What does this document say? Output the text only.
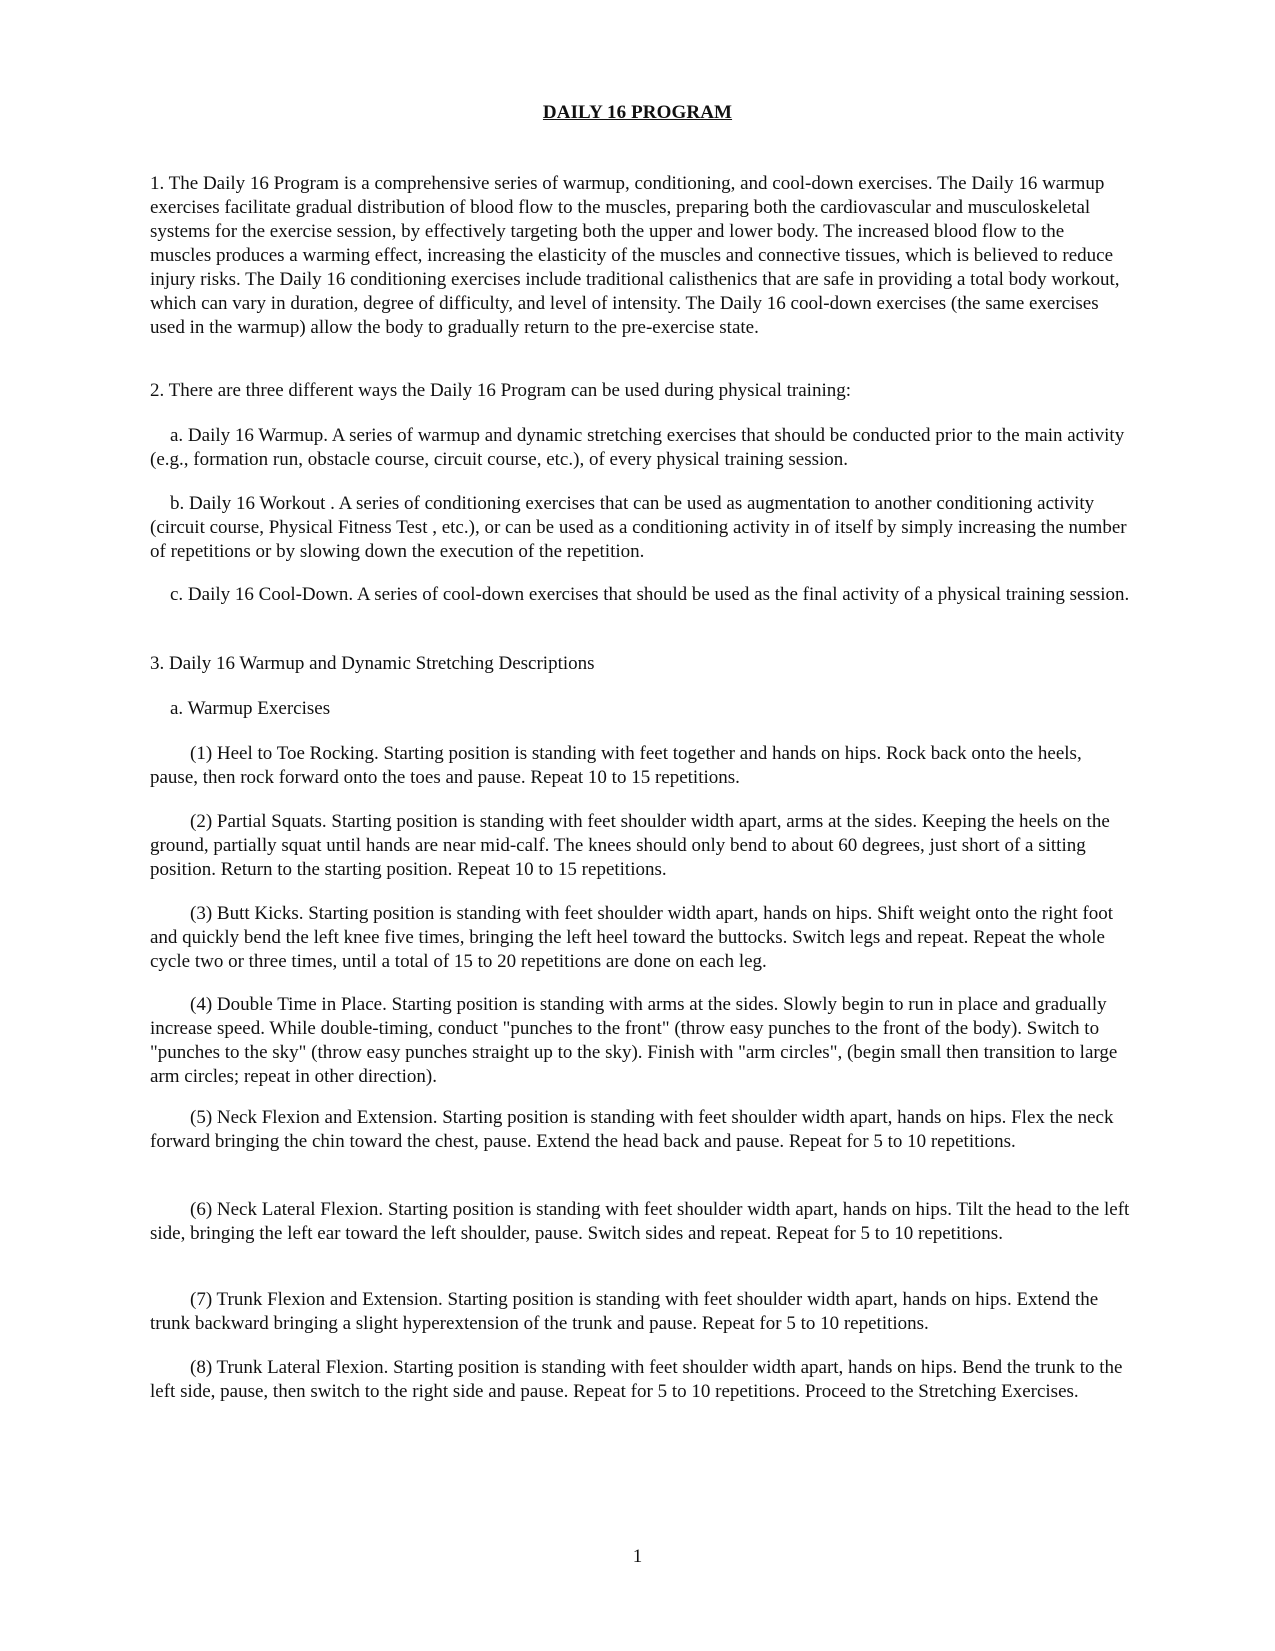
DAILY 16 PROGRAM

1. The Daily 16 Program is a comprehensive series of warmup, conditioning, and cool-down exercises. The Daily 16 warmup exercises facilitate gradual distribution of blood flow to the muscles, preparing both the cardiovascular and musculoskeletal systems for the exercise session, by effectively targeting both the upper and lower body. The increased blood flow to the muscles produces a warming effect, increasing the elasticity of the muscles and connective tissues, which is believed to reduce injury risks. The Daily 16 conditioning exercises include traditional calisthenics that are safe in providing a total body workout, which can vary in duration, degree of difficulty, and level of intensity. The Daily 16 cool-down exercises (the same exercises used in the warmup) allow the body to gradually return to the pre-exercise state.

2. There are three different ways the Daily 16 Program can be used during physical training:

a. Daily 16 Warmup. A series of warmup and dynamic stretching exercises that should be conducted prior to the main activity (e.g., formation run, obstacle course, circuit course, etc.), of every physical training session.

b. Daily 16 Workout . A series of conditioning exercises that can be used as augmentation to another conditioning activity (circuit course, Physical Fitness Test , etc.), or can be used as a conditioning activity in of itself by simply increasing the number of repetitions or by slowing down the execution of the repetition.

c. Daily 16 Cool-Down. A series of cool-down exercises that should be used as the final activity of a physical training session.

3. Daily 16 Warmup and Dynamic Stretching Descriptions

a. Warmup Exercises

(1) Heel to Toe Rocking. Starting position is standing with feet together and hands on hips. Rock back onto the heels, pause, then rock forward onto the toes and pause. Repeat 10 to 15 repetitions.

(2) Partial Squats. Starting position is standing with feet shoulder width apart, arms at the sides. Keeping the heels on the ground, partially squat until hands are near mid-calf. The knees should only bend to about 60 degrees, just short of a sitting position. Return to the starting position. Repeat 10 to 15 repetitions.

(3) Butt Kicks. Starting position is standing with feet shoulder width apart, hands on hips. Shift weight onto the right foot and quickly bend the left knee five times, bringing the left heel toward the buttocks. Switch legs and repeat. Repeat the whole cycle two or three times, until a total of 15 to 20 repetitions are done on each leg.

(4) Double Time in Place. Starting position is standing with arms at the sides. Slowly begin to run in place and gradually increase speed. While double-timing, conduct "punches to the front" (throw easy punches to the front of the body). Switch to "punches to the sky" (throw easy punches straight up to the sky). Finish with "arm circles", (begin small then transition to large arm circles; repeat in other direction).

(5) Neck Flexion and Extension. Starting position is standing with feet shoulder width apart, hands on hips. Flex the neck forward bringing the chin toward the chest, pause. Extend the head back and pause. Repeat for 5 to 10 repetitions.

(6) Neck Lateral Flexion. Starting position is standing with feet shoulder width apart, hands on hips. Tilt the head to the left side, bringing the left ear toward the left shoulder, pause. Switch sides and repeat. Repeat for 5 to 10 repetitions.

(7) Trunk Flexion and Extension. Starting position is standing with feet shoulder width apart, hands on hips. Extend the trunk backward bringing a slight hyperextension of the trunk and pause. Repeat for 5 to 10 repetitions.

(8) Trunk Lateral Flexion. Starting position is standing with feet shoulder width apart, hands on hips. Bend the trunk to the left side, pause, then switch to the right side and pause. Repeat for 5 to 10 repetitions. Proceed to the Stretching Exercises.

1
